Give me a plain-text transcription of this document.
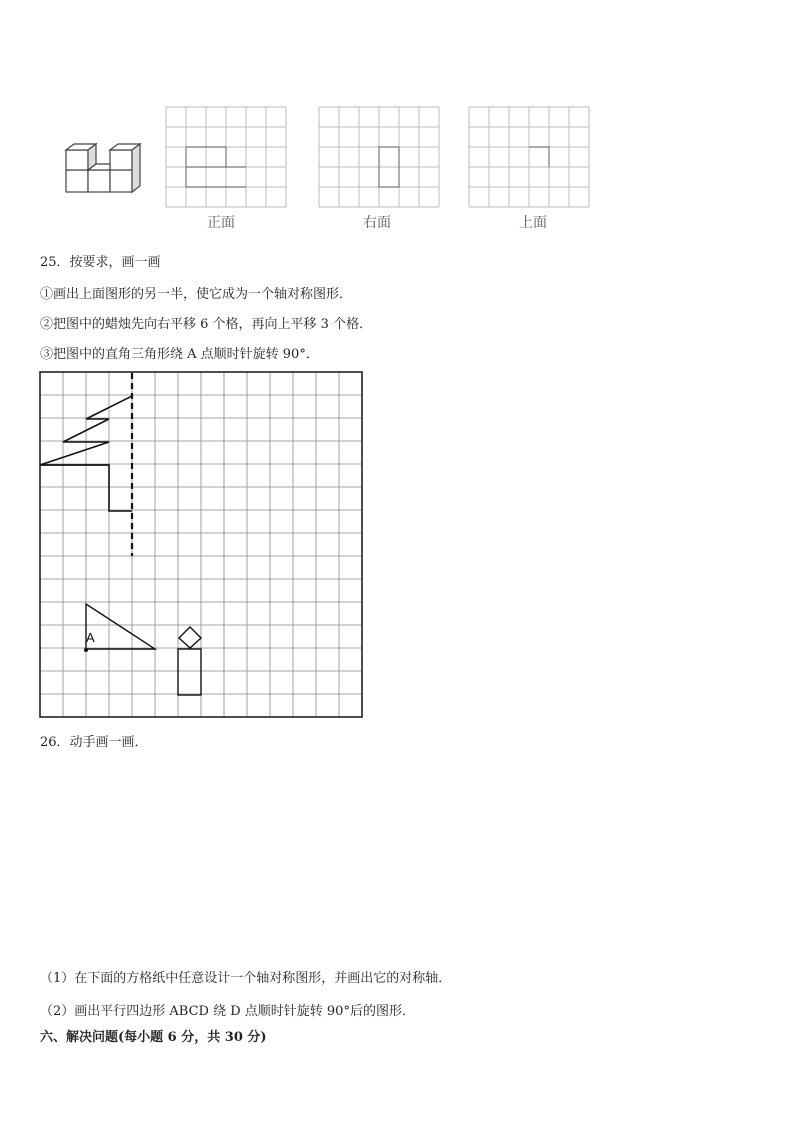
正面	右面	上面
25．按要求，画一画
①画出上面图形的另一半，使它成为一个轴对称图形．
②把图中的蜡烛先向右平移 6 个格，再向上平移 3 个格．
③把图中的直角三角形绕 A 点顺时针旋转 90°．
A
26．动手画一画．
（1）在下面的方格纸中任意设计一个轴对称图形，并画出它的对称轴．
（2）画出平行四边形 ABCD 绕 D 点顺时针旋转 90°后的图形．
六、解决问题(每小题 6 分，共 30 分)
